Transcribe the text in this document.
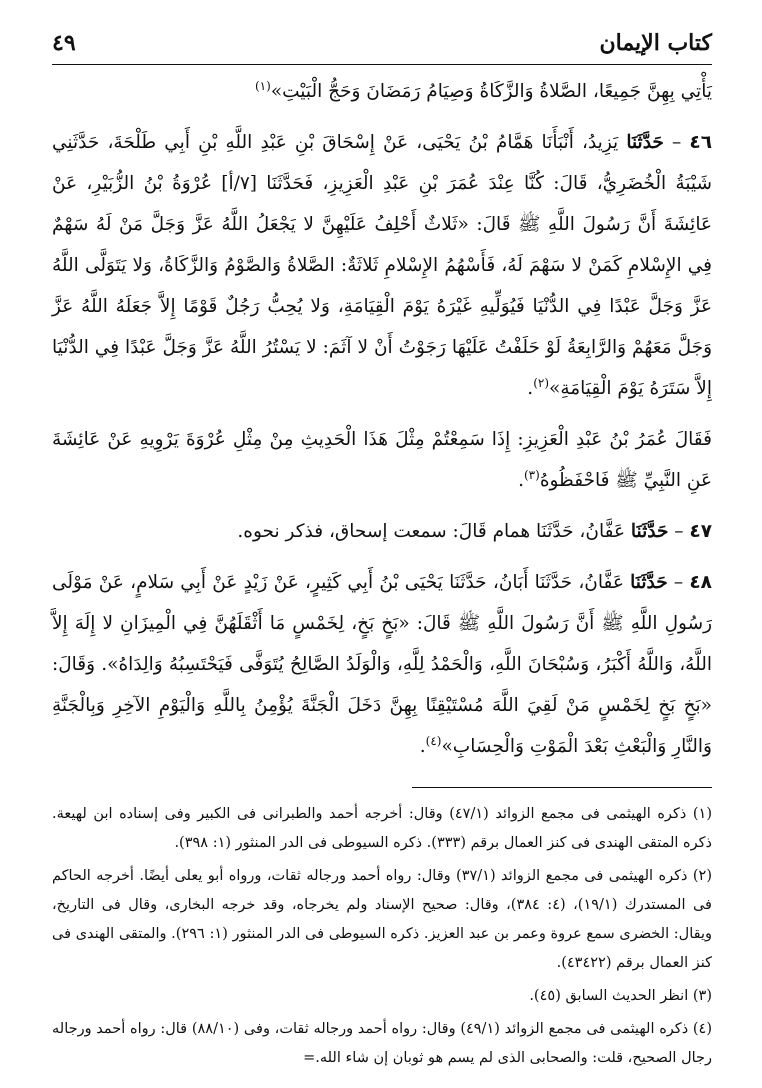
كتاب الإيمان
٤٩

يَأْتِي بِهِنَّ جَمِيعًا، الصَّلاةُ وَالزَّكَاةُ وَصِيَامُ رَمَضَانَ وَحَجُّ الْبَيْتِ»$^{(١)}$

٤٦ – حَدَّثَنَا يَزِيدُ، أَنْبَأَنَا هَمَّامُ بْنُ يَحْيَى، عَنْ إِسْحَاقَ بْنِ عَبْدِ اللَّهِ بْنِ أَبِي طَلْحَةَ، حَدَّثَنِي شَيْبَةُ الْخُضَرِيُّ، قَالَ: كُنَّا عِنْدَ عُمَرَ بْنِ عَبْدِ الْعَزِيزِ، فَحَدَّثَنَا [٧/أ] عُرْوَةُ بْنُ الزُّبَيْرِ، عَنْ عَائِشَةَ أَنَّ رَسُولَ اللَّهِ ﷺ قَالَ: «ثَلاثٌ أَحْلِفُ عَلَيْهِنَّ لا يَجْعَلُ اللَّهُ عَزَّ وَجَلَّ مَنْ لَهُ سَهْمٌ فِي الإِسْلامِ كَمَنْ لا سَهْمَ لَهُ، فَأَسْهُمُ الإِسْلامِ ثَلاثَةٌ: الصَّلاةُ وَالصَّوْمُ وَالزَّكَاةُ، وَلا يَتَوَلَّى اللَّهُ عَزَّ وَجَلَّ عَبْدًا فِي الدُّنْيَا فَيُوَلِّيهِ غَيْرَهُ يَوْمَ الْقِيَامَةِ، وَلا يُحِبُّ رَجُلٌ قَوْمًا إِلاَّ جَعَلَهُ اللَّهُ عَزَّ وَجَلَّ مَعَهُمْ وَالرَّابِعَةُ لَوْ حَلَفْتُ عَلَيْهَا رَجَوْتُ أَنْ لا آثَمَ: لا يَسْتُرُ اللَّهُ عَزَّ وَجَلَّ عَبْدًا فِي الدُّنْيَا إِلاَّ سَتَرَهُ يَوْمَ الْقِيَامَةِ»$^{(٢)}$.

فَقَالَ عُمَرُ بْنُ عَبْدِ الْعَزِيزِ: إِذَا سَمِعْتُمْ مِثْلَ هَذَا الْحَدِيثِ مِنْ مِثْلِ عُرْوَةَ يَرْوِيهِ عَنْ عَائِشَةَ عَنِ النَّبِيِّ ﷺ فَاحْفَظُوهُ$^{(٣)}$.

٤٧ – حَدَّثَنَا عَفَّانُ، حَدَّثَنَا همام قَالَ: سمعت إسحاق، فذكر نحوه.

٤٨ – حَدَّثَنَا عَفَّانُ، حَدَّثَنَا أَبَانُ، حَدَّثَنَا يَحْيَى بْنُ أَبِي كَثِيرٍ، عَنْ زَيْدٍ عَنْ أَبِي سَلامٍ، عَنْ مَوْلَى رَسُولِ اللَّهِ ﷺ أَنَّ رَسُولَ اللَّهِ ﷺ قَالَ: «بَخٍ بَخٍ، لِخَمْسٍ مَا أَثْقَلَهُنَّ فِي الْمِيزَانِ لا إِلَهَ إِلاَّ اللَّهُ، وَاللَّهُ أَكْبَرُ، وَسُبْحَانَ اللَّهِ، وَالْحَمْدُ لِلَّهِ، وَالْوَلَدُ الصَّالِحُ يُتَوَفَّى فَيَحْتَسِبُهُ وَالِدَاهُ». وَقَالَ: «بَخٍ بَخٍ لِخَمْسٍ مَنْ لَقِيَ اللَّهَ مُسْتَيْقِنًا بِهِنَّ دَخَلَ الْجَنَّةَ يُؤْمِنُ بِاللَّهِ وَالْيَوْمِ الآخِرِ وَبِالْجَنَّةِ وَالنَّارِ وَالْبَعْثِ بَعْدَ الْمَوْتِ وَالْحِسَابِ»$^{(٤)}$.

(١) ذكره الهيثمى فى مجمع الزوائد (٤٧/١) وقال: أخرجه أحمد والطبرانى فى الكبير وفى إسناده ابن لهيعة. ذكره المتقى الهندى فى كنز العمال برقم (٣٣٣). ذكره السيوطى فى الدر المنثور (١: ٣٩٨).

(٢) ذكره الهيثمى فى مجمع الزوائد (٣٧/١) وقال: رواه أحمد ورجاله ثقات، ورواه أبو يعلى أيضًا. أخرجه الحاكم فى المستدرك (١٩/١)، (٤: ٣٨٤)، وقال: صحيح الإسناد ولم يخرجاه، وقد خرجه البخارى، وقال فى التاريخ، ويقال: الخضرى سمع عروة وعمر بن عبد العزيز. ذكره السيوطى فى الدر المنثور (١: ٢٩٦). والمتقى الهندى فى كنز العمال برقم (٤٣٤٢٢).

(٣) انظر الحديث السابق (٤٥).

(٤) ذكره الهيثمى فى مجمع الزوائد (٤٩/١) وقال: رواه أحمد ورجاله ثقات، وفى (٨٨/١٠) قال: رواه أحمد ورجاله رجال الصحيح، قلت: والصحابى الذى لم يسم هو ثوبان إن شاء الله.=
